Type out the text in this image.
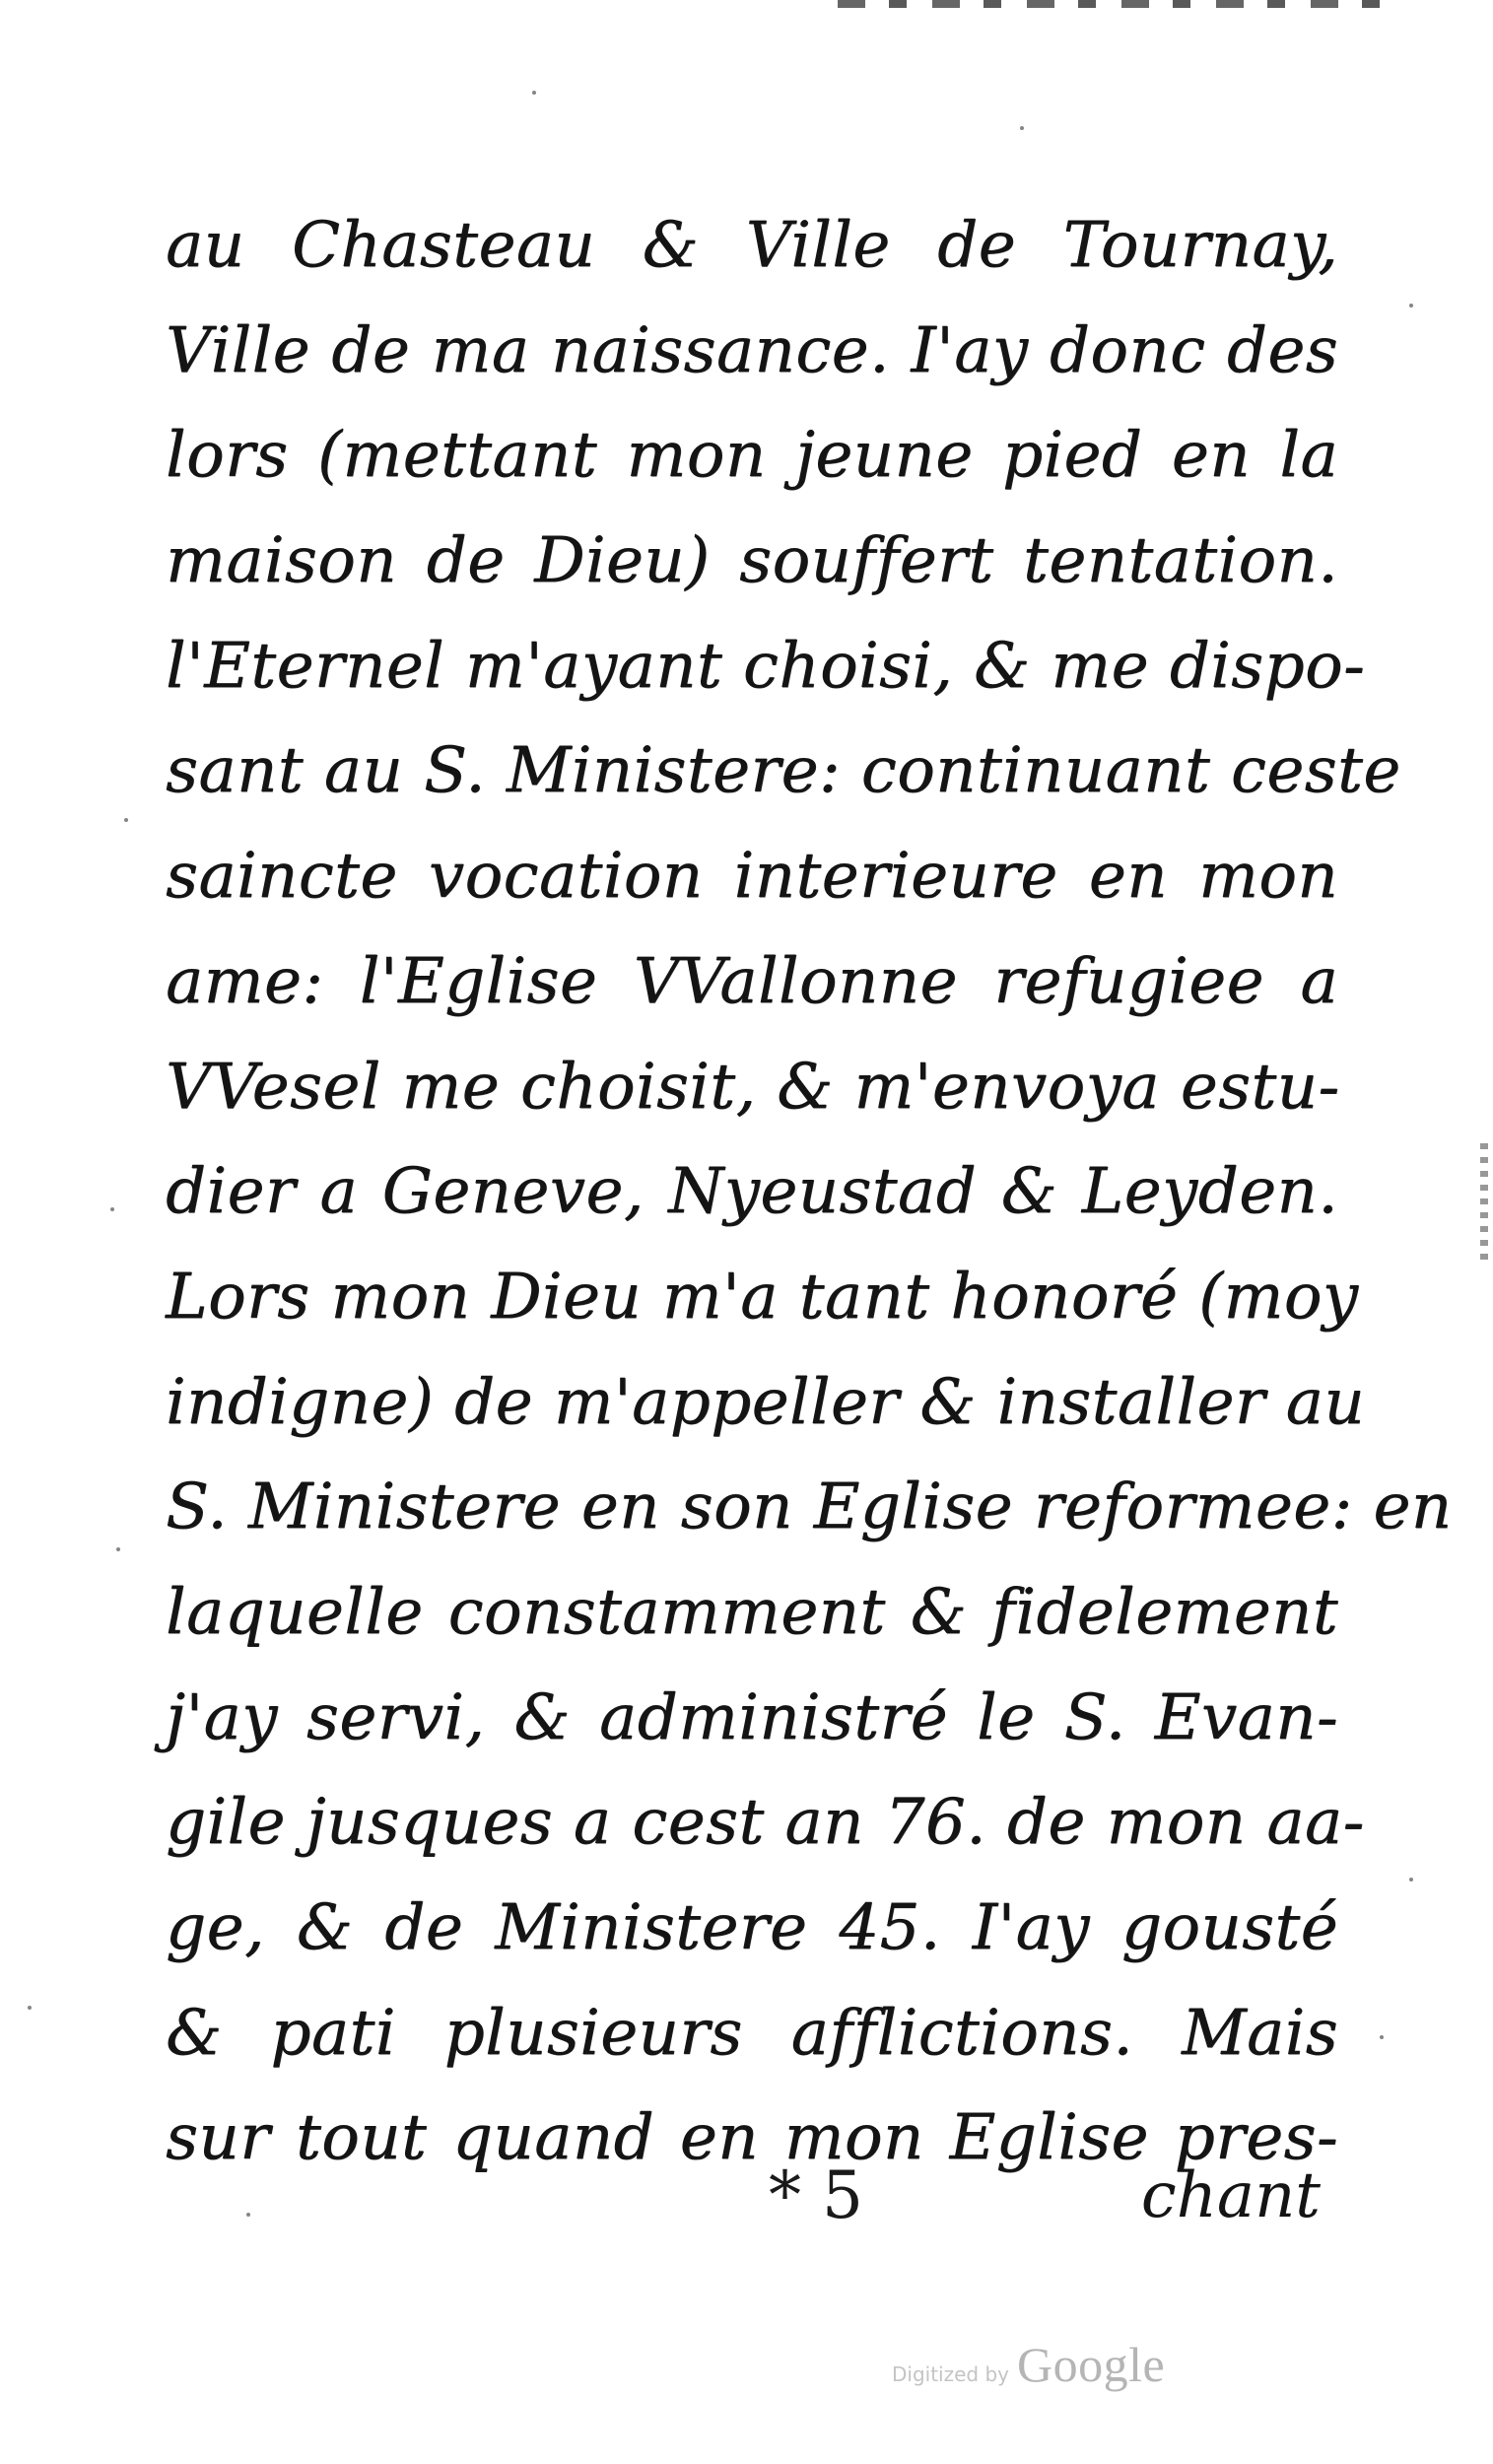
au Chasteau & Ville de Tournay,
Ville de ma naissance. I'ay donc des
lors (mettant mon jeune pied en la
maison de Dieu) souffert tentation.
l'Eternel m'ayant choisi, & me dispo-
sant au S. Ministere: continuant ceste
saincte vocation interieure en mon
ame: l'Eglise VVallonne refugiee a
VVesel me choisit, & m'envoya estu-
dier a Geneve, Nyeustad & Leyden.
Lors mon Dieu m'a tant honoré (moy
indigne) de m'appeller & installer au
S. Ministere en son Eglise reformee: en
laquelle constamment & fidelement
j'ay servi, & administré le S. Evan-
gile jusques a cest an 76. de mon aa-
ge, & de Ministere 45. I'ay gousté
& pati plusieurs afflictions. Mais
sur tout quand en mon Eglise pres-
* 5	chant
Digitized by Google
